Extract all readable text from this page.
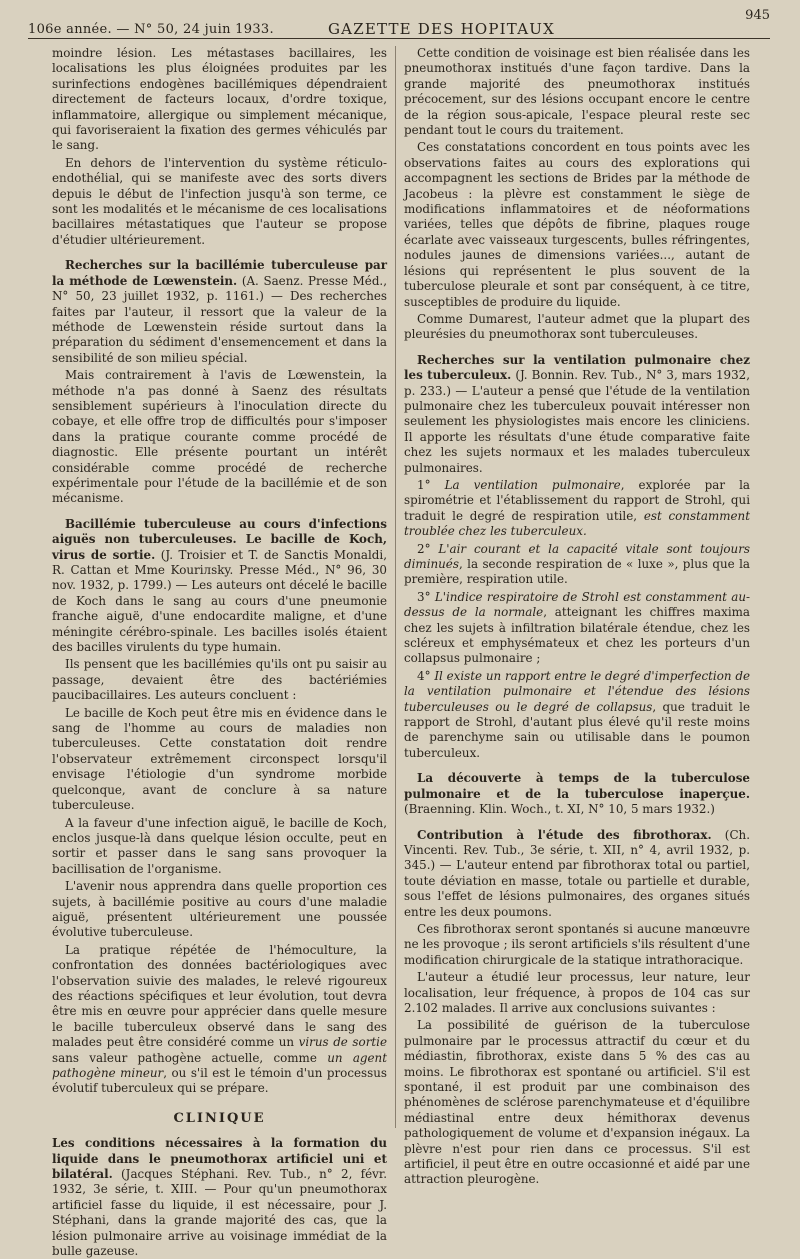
106e année. — N° 50, 24 juin 1933.	GAZETTE DES HOPITAUX
945

moindre lésion. Les métastases bacillaires, les localisations les plus éloignées produites par les surinfections endogènes bacillémiques dépendraient directement de facteurs locaux, d'ordre toxique, inflammatoire, allergique ou simplement mécanique, qui favoriseraient la fixation des germes véhiculés par le sang.

En dehors de l'intervention du système réticulo-endothélial, qui se manifeste avec des sorts divers depuis le début de l'infection jusqu'à son terme, ce sont les modalités et le mécanisme de ces localisations bacillaires métastatiques que l'auteur se propose d'étudier ultérieurement.

Recherches sur la bacillémie tuberculeuse par la méthode de Lœwenstein. (A. Saenz. Presse Méd., N° 50, 23 juillet 1932, p. 1161.) — Des recherches faites par l'auteur, il ressort que la valeur de la méthode de Lœwenstein réside surtout dans la préparation du sédiment d'ensemencement et dans la sensibilité de son milieu spécial.

Mais contrairement à l'avis de Lœwenstein, la méthode n'a pas donné à Saenz des résultats sensiblement supérieurs à l'inoculation directe du cobaye, et elle offre trop de difficultés pour s'imposer dans la pratique courante comme procédé de diagnostic. Elle présente pourtant un intérêt considérable comme procédé de recherche expérimentale pour l'étude de la bacillémie et de son mécanisme.

Bacillémie tuberculeuse au cours d'infections aiguës non tuberculeuses. Le bacille de Koch, virus de sortie. (J. Troisier et T. de Sanctis Monaldi, R. Cattan et Mme Kouriлsky. Presse Méd., N° 96, 30 nov. 1932, p. 1799.) — Les auteurs ont décelé le bacille de Koch dans le sang au cours d'une pneumonie franche aiguë, d'une endocardite maligne, et d'une méningite cérébro-spinale. Les bacilles isolés étaient des bacilles virulents du type humain.

Ils pensent que les bacillémies qu'ils ont pu saisir au passage, devaient être des bactériémies paucibacillaires. Les auteurs concluent :

Le bacille de Koch peut être mis en évidence dans le sang de l'homme au cours de maladies non tuberculeuses. Cette constatation doit rendre l'observateur extrêmement circonspect lorsqu'il envisage l'étiologie d'un syndrome morbide quelconque, avant de conclure à sa nature tuberculeuse.

A la faveur d'une infection aiguë, le bacille de Koch, enclos jusque-là dans quelque lésion occulte, peut en sortir et passer dans le sang sans provoquer la bacillisation de l'organisme.

L'avenir nous apprendra dans quelle proportion ces sujets, à bacillémie positive au cours d'une maladie aiguë, présentent ultérieurement une poussée évolutive tuberculeuse.

La pratique répétée de l'hémoculture, la confrontation des données bactériologiques avec l'observation suivie des malades, le relevé rigoureux des réactions spécifiques et leur évolution, tout devra être mis en œuvre pour apprécier dans quelle mesure le bacille tuberculeux observé dans le sang des malades peut être considéré comme un virus de sortie sans valeur pathogène actuelle, comme un agent pathogène mineur, ou s'il est le témoin d'un processus évolutif tuberculeux qui se prépare.

CLINIQUE

Les conditions nécessaires à la formation du liquide dans le pneumothorax artificiel uni et bilatéral. (Jacques Stéphani. Rev. Tub., n° 2, févr. 1932, 3e série, t. XIII. — Pour qu'un pneumothorax artificiel fasse du liquide, il est nécessaire, pour J. Stéphani, dans la grande majorité des cas, que la lésion pulmonaire arrive au voisinage immédiat de la bulle gazeuse.

Cette condition de voisinage est bien réalisée dans les pneumothorax institués d'une façon tardive. Dans la grande majorité des pneumothorax institués précocement, sur des lésions occupant encore le centre de la région sous-apicale, l'espace pleural reste sec pendant tout le cours du traitement.

Ces constatations concordent en tous points avec les observations faites au cours des explorations qui accompagnent les sections de Brides par la méthode de Jacobeus : la plèvre est constamment le siège de modifications inflammatoires et de néoformations variées, telles que dépôts de fibrine, plaques rouge écarlate avec vaisseaux turgescents, bulles réfringentes, nodules jaunes de dimensions variées..., autant de lésions qui représentent le plus souvent de la tuberculose pleurale et sont par conséquent, à ce titre, susceptibles de produire du liquide.

Comme Dumarest, l'auteur admet que la plupart des pleurésies du pneumothorax sont tuberculeuses.

Recherches sur la ventilation pulmonaire chez les tuberculeux. (J. Bonnin. Rev. Tub., N° 3, mars 1932, p. 233.) — L'auteur a pensé que l'étude de la ventilation pulmonaire chez les tuberculeux pouvait intéresser non seulement les physiologistes mais encore les cliniciens. Il apporte les résultats d'une étude comparative faite chez les sujets normaux et les malades tuberculeux pulmonaires.

1° La ventilation pulmonaire, explorée par la spirométrie et l'établissement du rapport de Strohl, qui traduit le degré de respiration utile, est constamment troublée chez les tuberculeux.

2° L'air courant et la capacité vitale sont toujours diminués, la seconde respiration de « luxe », plus que la première, respiration utile.

3° L'indice respiratoire de Strohl est constamment au-dessus de la normale, atteignant les chiffres maxima chez les sujets à infiltration bilatérale étendue, chez les scléreux et emphysémateux et chez les porteurs d'un collapsus pulmonaire ;

4° Il existe un rapport entre le degré d'imperfection de la ventilation pulmonaire et l'étendue des lésions tuberculeuses ou le degré de collapsus, que traduit le rapport de Strohl, d'autant plus élevé qu'il reste moins de parenchyme sain ou utilisable dans le poumon tuberculeux.

La découverte à temps de la tuberculose pulmonaire et de la tuberculose inaperçue. (Braenning. Klin. Woch., t. XI, N° 10, 5 mars 1932.)

Contribution à l'étude des fibrothorax. (Ch. Vincenti. Rev. Tub., 3e série, t. XII, n° 4, avril 1932, p. 345.) — L'auteur entend par fibrothorax total ou partiel, toute déviation en masse, totale ou partielle et durable, sous l'effet de lésions pulmonaires, des organes situés entre les deux poumons.

Ces fibrothorax seront spontanés si aucune manœuvre ne les provoque ; ils seront artificiels s'ils résultent d'une modification chirurgicale de la statique intrathoracique.

L'auteur a étudié leur processus, leur nature, leur localisation, leur fréquence, à propos de 104 cas sur 2.102 malades. Il arrive aux conclusions suivantes :

La possibilité de guérison de la tuberculose pulmonaire par le processus attractif du cœur et du médiastin, fibrothorax, existe dans 5 % des cas au moins. Le fibrothorax est spontané ou artificiel. S'il est spontané, il est produit par une combinaison des phénomènes de sclérose parenchymateuse et d'équilibre médiastinal entre deux hémithorax devenus pathologiquement de volume et d'expansion inégaux. La plèvre n'est pour rien dans ce processus. S'il est artificiel, il peut être en outre occasionné et aidé par une attraction pleurogène.
